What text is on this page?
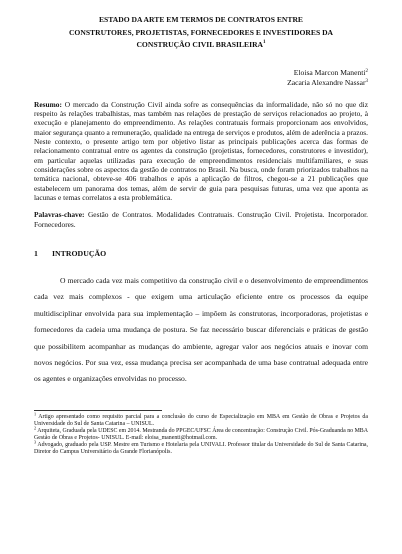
ESTADO DA ARTE EM TERMOS DE CONTRATOS ENTRE
CONSTRUTORES, PROJETISTAS, FORNECEDORES E INVESTIDORES DA
CONSTRUÇÃO CIVIL BRASILEIRA$^1$
Eloisa Marcon Manenti$^2$
Zacaria Alexandre Nassar$^3$

Resumo: O mercado da Construção Civil ainda sofre as consequências da informalidade, não só no que diz respeito às relações trabalhistas, mas também nas relações de prestação de serviços relacionados ao projeto, à execução e planejamento do empreendimento. As relações contratuais formais proporcionam aos envolvidos, maior segurança quanto a remuneração, qualidade na entrega de serviços e produtos, além de aderência a prazos. Neste contexto, o presente artigo tem por objetivo listar as principais publicações acerca das formas de relacionamento contratual entre os agentes da construção (projetistas, fornecedores, construtores e investidor), em particular aquelas utilizadas para execução de empreendimentos residenciais multifamiliares, e suas considerações sobre os aspectos da gestão de contratos no Brasil. Na busca, onde foram priorizados trabalhos na temática nacional, obteve-se 406 trabalhos e após a aplicação de filtros, chegou-se a 21 publicações que estabelecem um panorama dos temas, além de servir de guia para pesquisas futuras, uma vez que aponta as lacunas e temas correlatos a esta problemática.

Palavras-chave: Gestão de Contratos. Modalidades Contratuais. Construção Civil. Projetista. Incorporador. Fornecedores.

1 INTRODUÇÃO

O mercado cada vez mais competitivo da construção civil e o desenvolvimento de empreendimentos cada vez mais complexos - que exigem uma articulação eficiente entre os processos da equipe multidisciplinar envolvida para sua implementação – impõem às construtoras, incorporadoras, projetistas e fornecedores da cadeia uma mudança de postura. Se faz necessário buscar diferenciais e práticas de gestão que possibilitem acompanhar as mudanças do ambiente, agregar valor aos negócios atuais e inovar com novos negócios. Por sua vez, essa mudança precisa ser acompanhada de uma base contratual adequada entre os agentes e organizações envolvidas no processo.

$^1$ Artigo apresentado como requisito parcial para a conclusão do curso de Especialização em MBA em Gestão de Obras e Projetos da Universidade do Sul de Santa Catarina – UNISUL.

$^2$ Arquiteta, Graduada pela UDESC em 2014. Mestranda do PPGEC/UFSC Área de concentração: Construção Civil. Pós-Graduanda no MBA Gestão de Obras e Projetos- UNISUL. E-mail: eloisa_manenti@hotmail.com.

$^3$ Advogado, graduado pela USP. Mestre em Turismo e Hotelaria pela UNIVALI. Professor titular da Universidade do Sul de Santa Catarina, Diretor do Campus Universitário da Grande Florianópolis.
